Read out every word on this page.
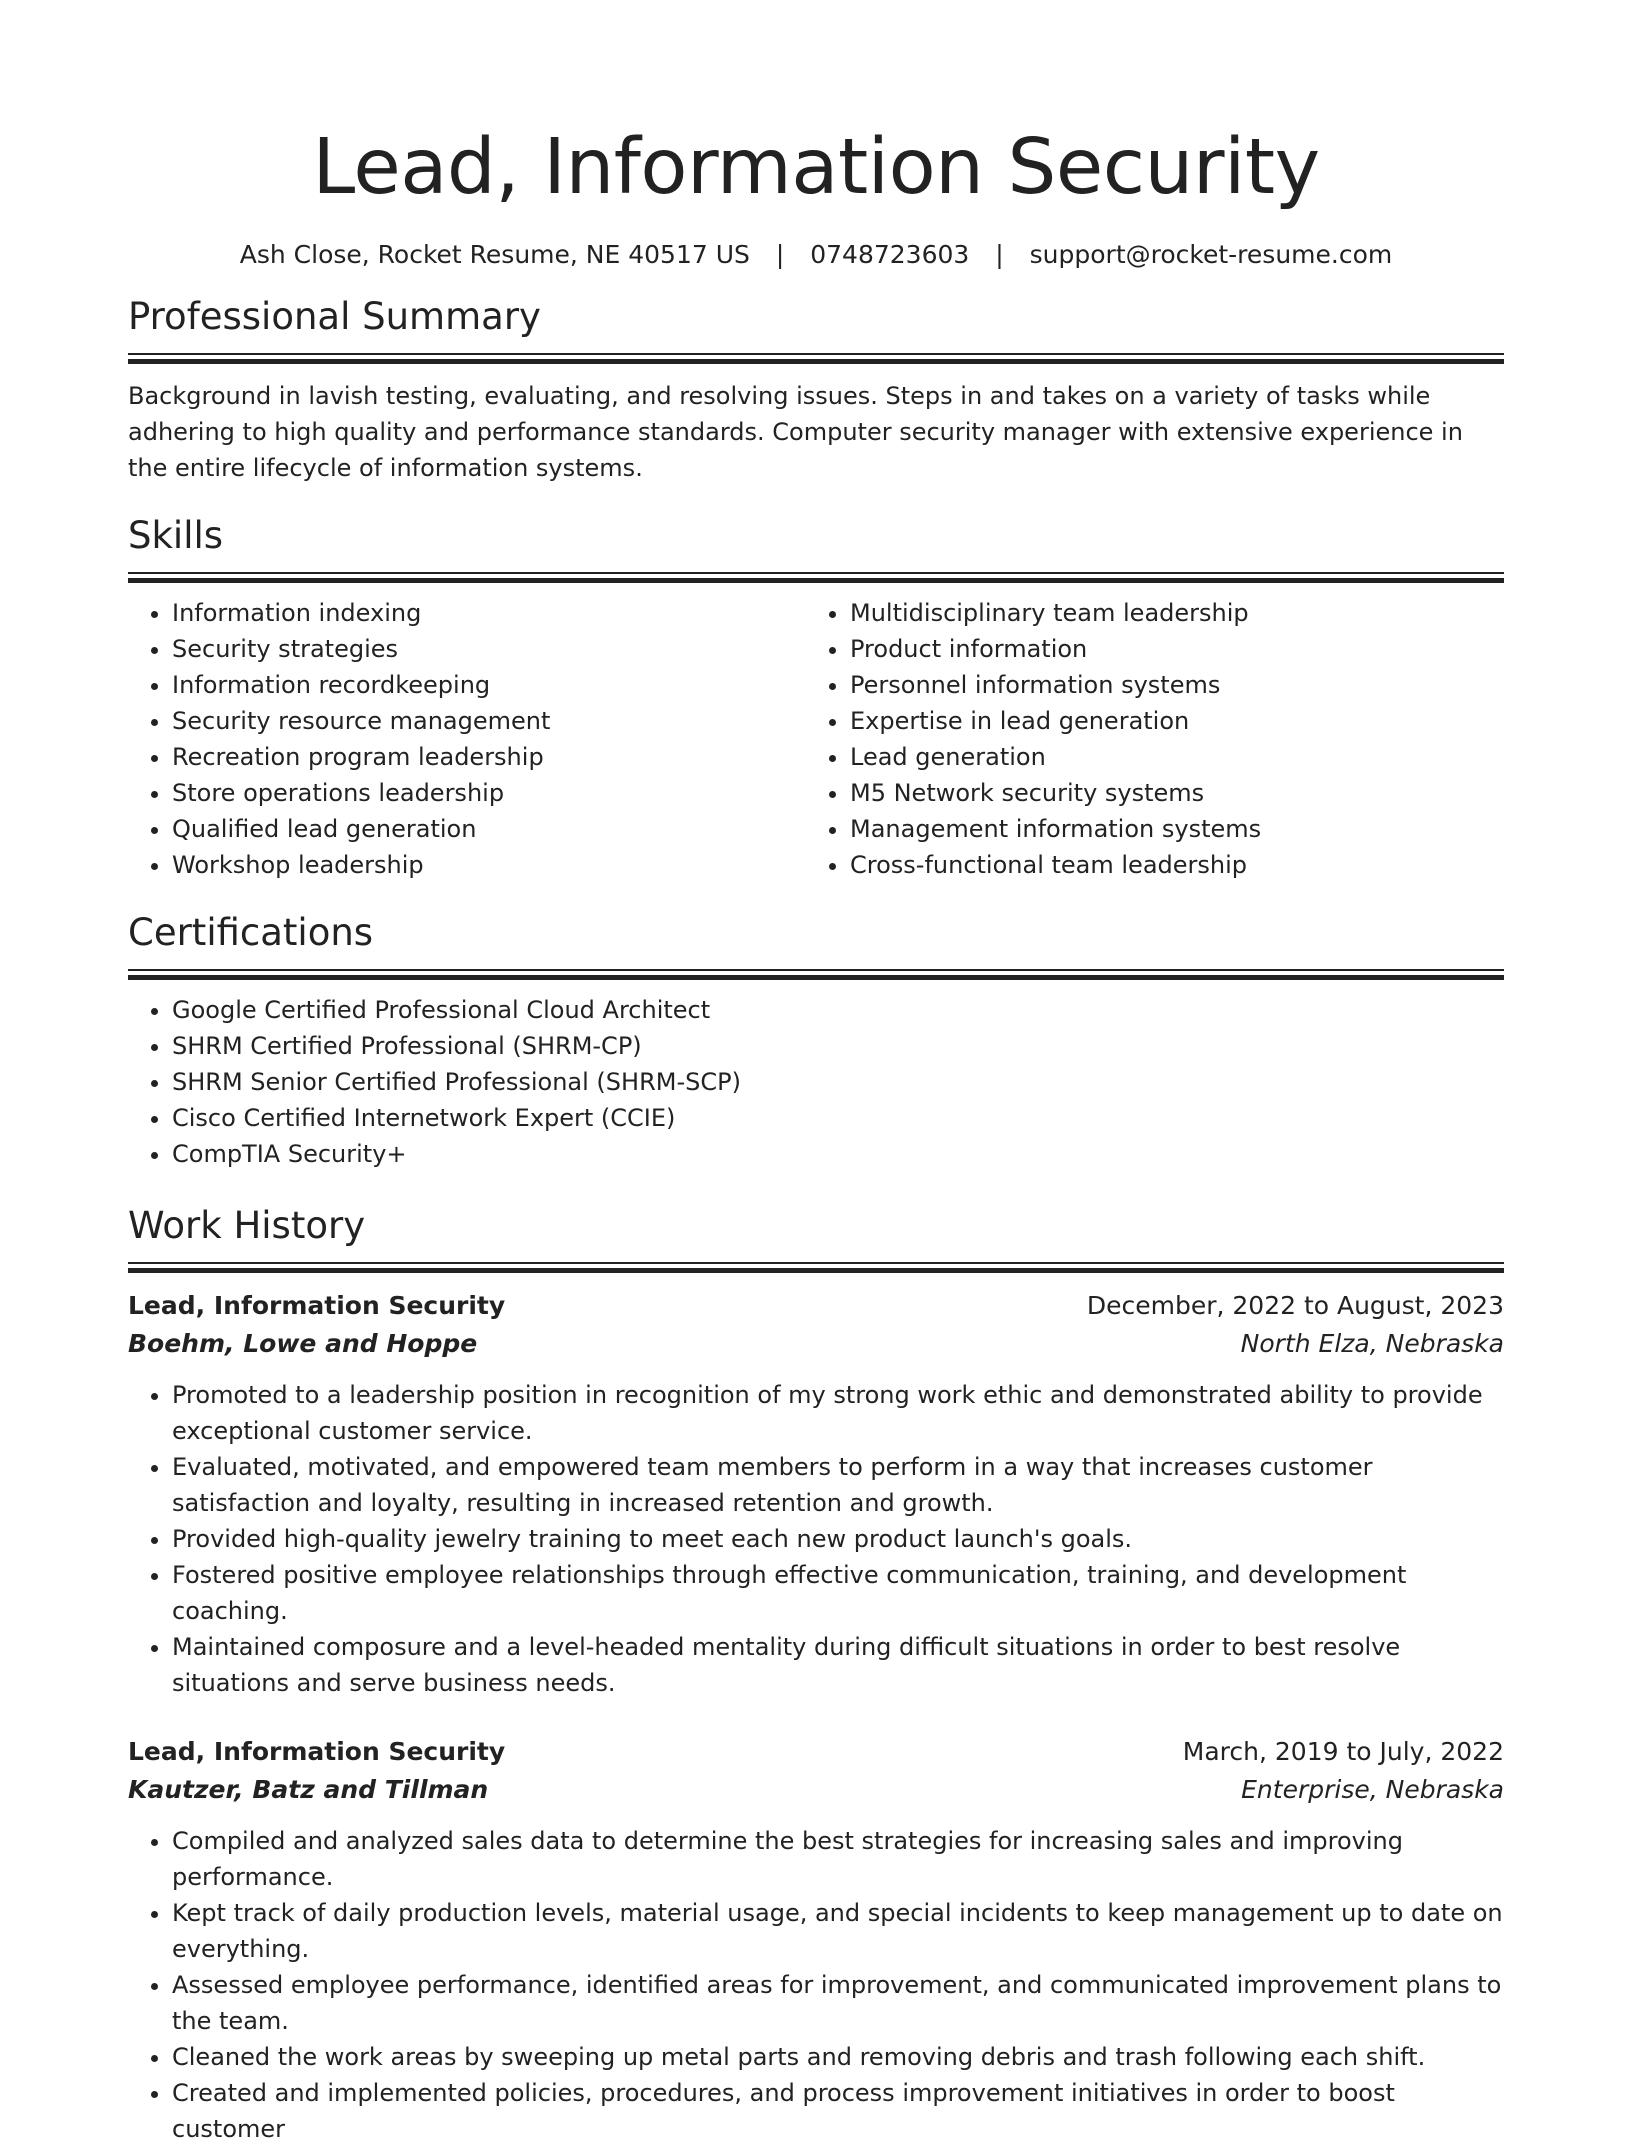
Lead, Information Security
Ash Close, Rocket Resume, NE 40517 US | 0748723603 | support@rocket-resume.com
Professional Summary

Background in lavish testing, evaluating, and resolving issues. Steps in and takes on a variety of tasks while adhering to high quality and performance standards. Computer security manager with extensive experience in the entire lifecycle of information systems.

Skills
• Information indexing
• Security strategies
• Information recordkeeping
• Security resource management
• Recreation program leadership
• Store operations leadership
• Qualified lead generation
• Workshop leadership
• Multidisciplinary team leadership
• Product information
• Personnel information systems
• Expertise in lead generation
• Lead generation
• M5 Network security systems
• Management information systems
• Cross-functional team leadership
Certifications
• Google Certified Professional Cloud Architect
• SHRM Certified Professional (SHRM-CP)
• SHRM Senior Certified Professional (SHRM-SCP)
• Cisco Certified Internetwork Expert (CCIE)
• CompTIA Security+
Work History
Lead, Information Security	December, 2022 to August, 2023
Boehm, Lowe and Hoppe	North Elza, Nebraska
• Promoted to a leadership position in recognition of my strong work ethic and demonstrated ability to provide exceptional customer service.
• Evaluated, motivated, and empowered team members to perform in a way that increases customer satisfaction and loyalty, resulting in increased retention and growth.
• Provided high-quality jewelry training to meet each new product launch's goals.
• Fostered positive employee relationships through effective communication, training, and development coaching.
• Maintained composure and a level-headed mentality during difficult situations in order to best resolve situations and serve business needs.
Lead, Information Security	March, 2019 to July, 2022
Kautzer, Batz and Tillman	Enterprise, Nebraska
• Compiled and analyzed sales data to determine the best strategies for increasing sales and improving performance.
• Kept track of daily production levels, material usage, and special incidents to keep management up to date on everything.
• Assessed employee performance, identified areas for improvement, and communicated improvement plans to the team.
• Cleaned the work areas by sweeping up metal parts and removing debris and trash following each shift.
• Created and implemented policies, procedures, and process improvement initiatives in order to boost customer
